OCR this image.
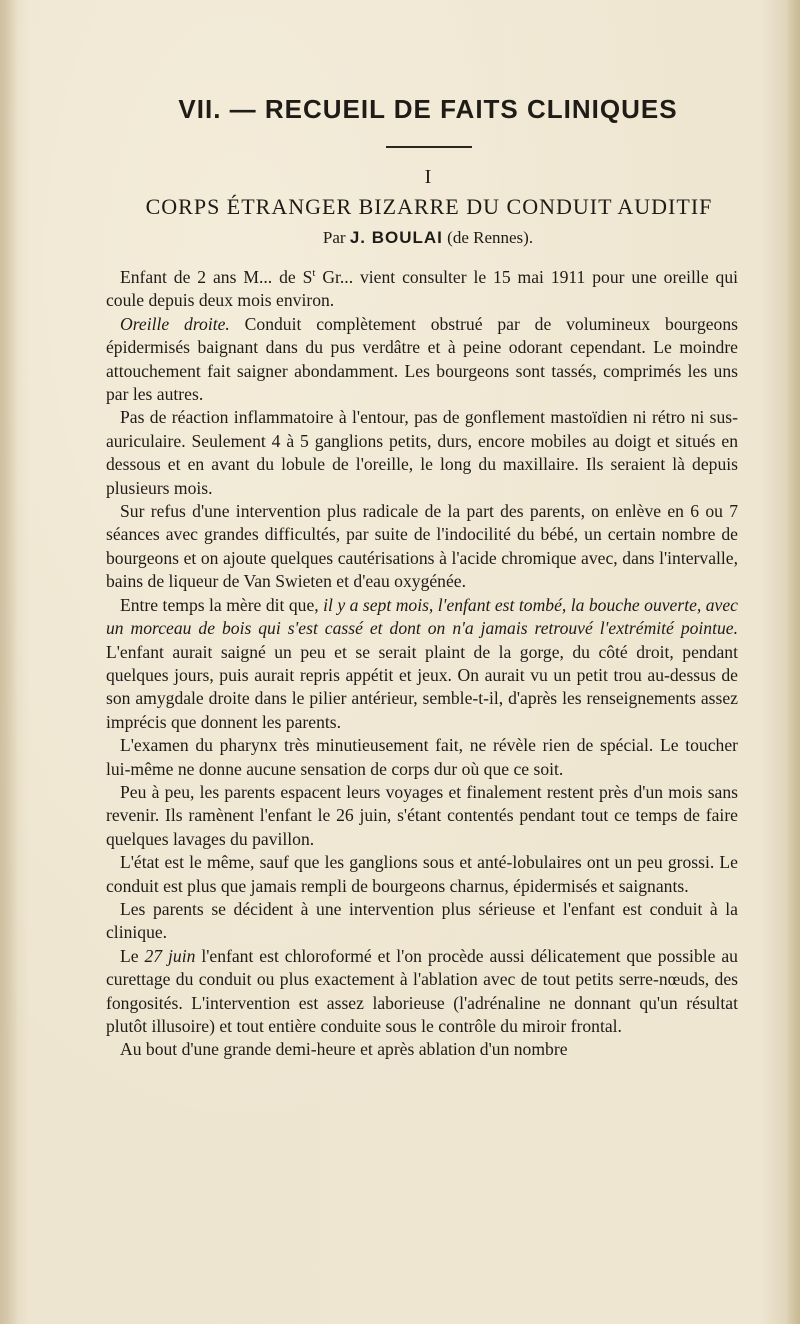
VII. — RECUEIL DE FAITS CLINIQUES
I
CORPS ÉTRANGER BIZARRE DU CONDUIT AUDITIF
Par J. BOULAI (de Rennes).

Enfant de 2 ans M... de $S^t$ Gr... vient consulter le 15 mai 1911 pour une oreille qui coule depuis deux mois environ.

Oreille droite. Conduit complètement obstrué par de volumineux bourgeons épidermisés baignant dans du pus verdâtre et à peine odorant cependant. Le moindre attouchement fait saigner abondamment. Les bourgeons sont tassés, comprimés les uns par les autres.

Pas de réaction inflammatoire à l'entour, pas de gonflement mastoïdien ni rétro ni sus-auriculaire. Seulement 4 à 5 ganglions petits, durs, encore mobiles au doigt et situés en dessous et en avant du lobule de l'oreille, le long du maxillaire. Ils seraient là depuis plusieurs mois.

Sur refus d'une intervention plus radicale de la part des parents, on enlève en 6 ou 7 séances avec grandes difficultés, par suite de l'indocilité du bébé, un certain nombre de bourgeons et on ajoute quelques cautérisations à l'acide chromique avec, dans l'intervalle, bains de liqueur de Van Swieten et d'eau oxygénée.

Entre temps la mère dit que, il y a sept mois, l'enfant est tombé, la bouche ouverte, avec un morceau de bois qui s'est cassé et dont on n'a jamais retrouvé l'extrémité pointue. L'enfant aurait saigné un peu et se serait plaint de la gorge, du côté droit, pendant quelques jours, puis aurait repris appétit et jeux. On aurait vu un petit trou au-dessus de son amygdale droite dans le pilier antérieur, semble-t-il, d'après les renseignements assez imprécis que donnent les parents.

L'examen du pharynx très minutieusement fait, ne révèle rien de spécial. Le toucher lui-même ne donne aucune sensation de corps dur où que ce soit.

Peu à peu, les parents espacent leurs voyages et finalement restent près d'un mois sans revenir. Ils ramènent l'enfant le 26 juin, s'étant contentés pendant tout ce temps de faire quelques lavages du pavillon.

L'état est le même, sauf que les ganglions sous et anté-lobulaires ont un peu grossi. Le conduit est plus que jamais rempli de bourgeons charnus, épidermisés et saignants.

Les parents se décident à une intervention plus sérieuse et l'enfant est conduit à la clinique.

Le 27 juin l'enfant est chloroformé et l'on procède aussi délicatement que possible au curettage du conduit ou plus exactement à l'ablation avec de tout petits serre-nœuds, des fongosités. L'intervention est assez laborieuse (l'adrénaline ne donnant qu'un résultat plutôt illusoire) et tout entière conduite sous le contrôle du miroir frontal.

Au bout d'une grande demi-heure et après ablation d'un nombre
